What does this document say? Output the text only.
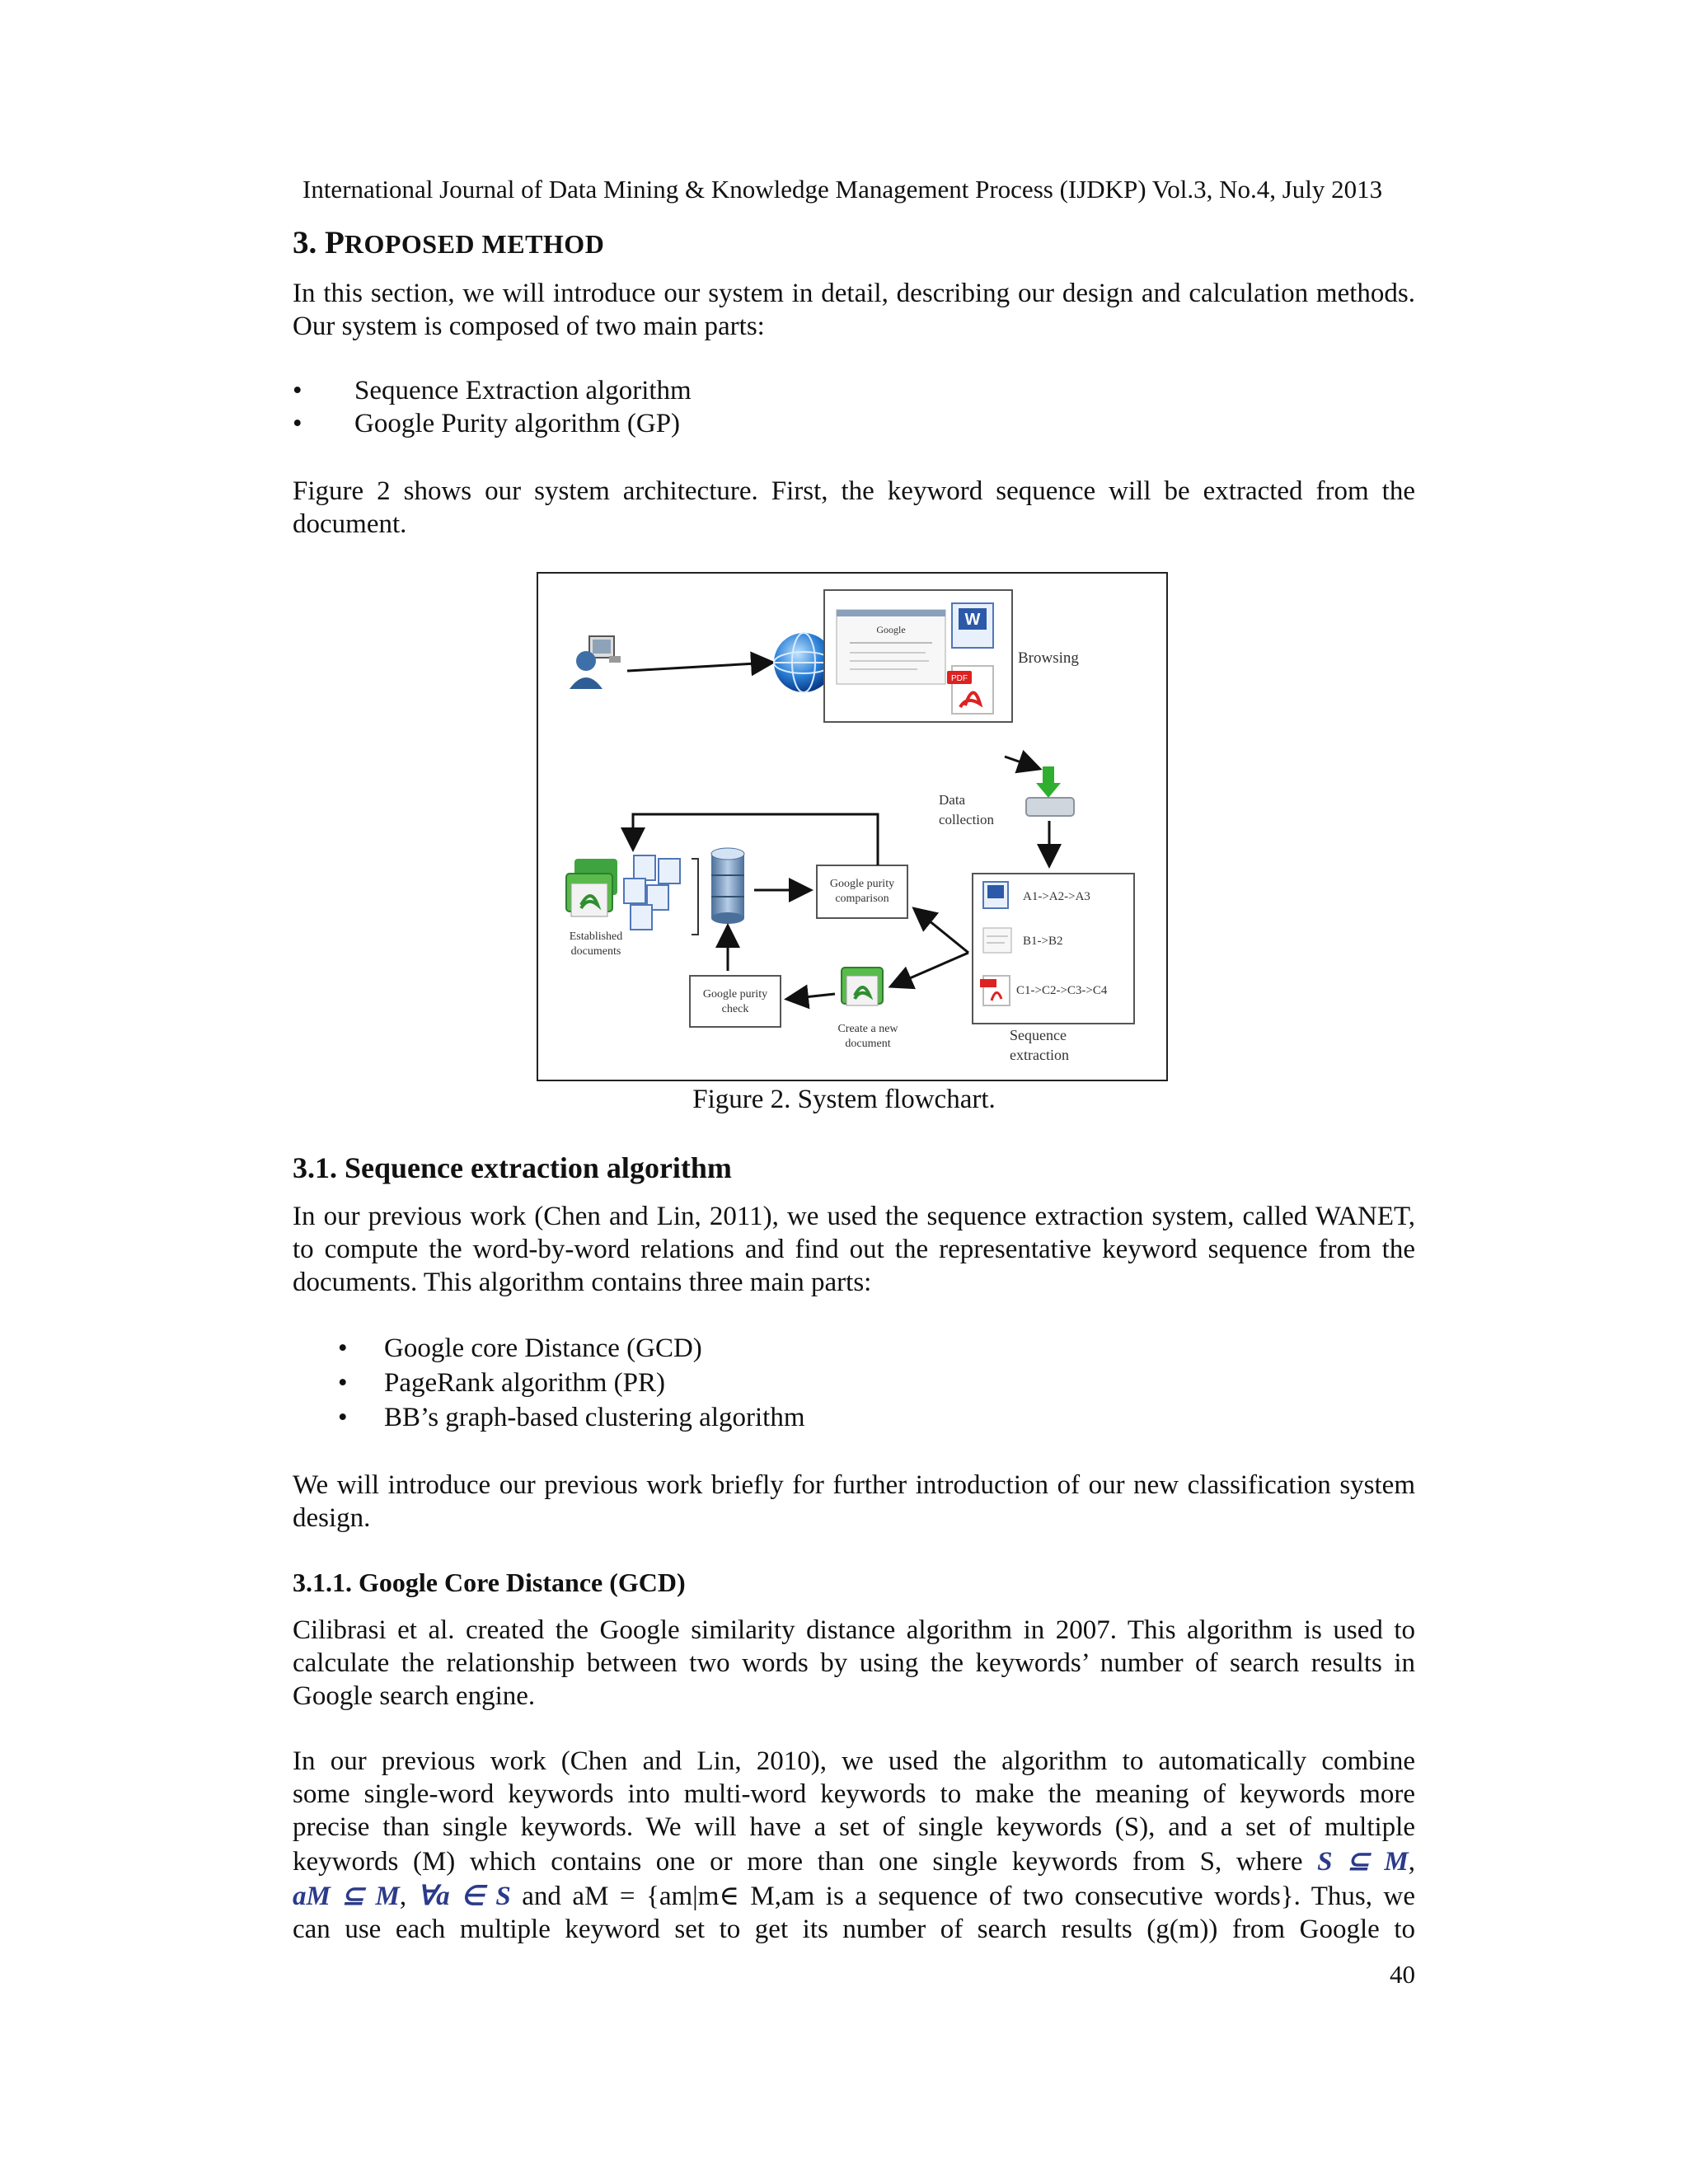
International Journal of Data Mining & Knowledge Management Process (IJDKP) Vol.3, No.4, July 2013
3. PROPOSED METHOD
In this section, we will introduce our system in detail, describing our design and calculation methods. Our system is composed of two main parts:
• Sequence Extraction algorithm
• Google Purity algorithm (GP)
Figure 2 shows our system architecture. First, the keyword sequence will be extracted from the document.
Google
W
PDF
Browsing
Data
collection
A1->A2->A3
B1->B2
C1->C2->C3->C4
Sequence
extraction
Google purity
comparison
Established
documents
Google purity
check
Create a new
document
Figure 2. System flowchart.
3.1. Sequence extraction algorithm
In our previous work (Chen and Lin, 2011), we used the sequence extraction system, called WANET, to compute the word-by-word relations and find out the representative keyword sequence from the documents. This algorithm contains three main parts:
• Google core Distance (GCD)
• PageRank algorithm (PR)
• BB’s graph-based clustering algorithm
We will introduce our previous work briefly for further introduction of our new classification system design.
3.1.1. Google Core Distance (GCD)
Cilibrasi et al. created the Google similarity distance algorithm in 2007. This algorithm is used to calculate the relationship between two words by using the keywords’ number of search results in Google search engine.
In our previous work (Chen and Lin, 2010), we used the algorithm to automatically combine
some single-word keywords into multi-word keywords to make the meaning of keywords more
precise than single keywords. We will have a set of single keywords (S), and a set of multiple
keywords (M) which contains one or more than one single keywords from S, where S ⊆ M,
aM ⊆ M, ∀a ∈ S and aM = {am|m∈ M,am is a sequence of two consecutive words}. Thus, we
can use each multiple keyword set to get its number of search results (g(m)) from Google to
40
